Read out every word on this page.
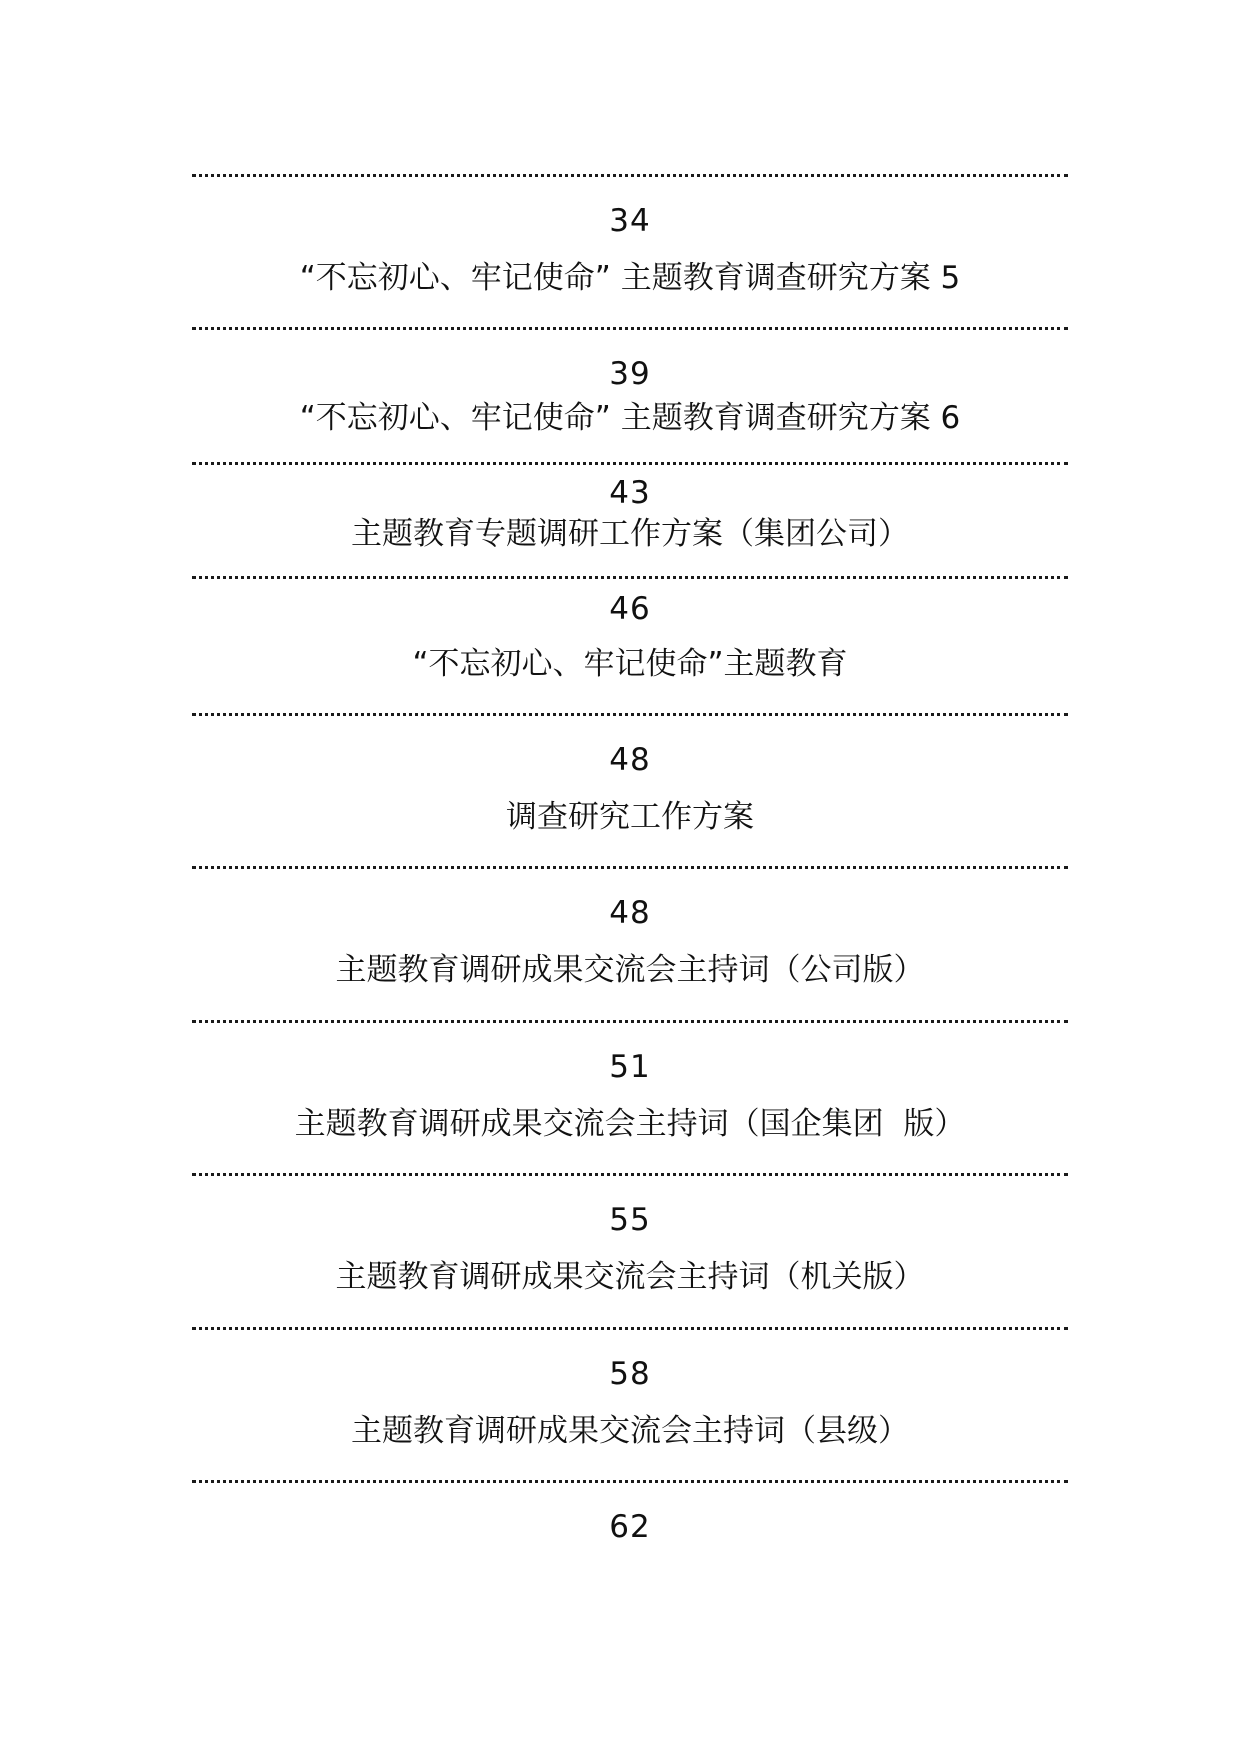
34
“不忘初心、牢记使命” 主题教育调查研究方案 5
39
“不忘初心、牢记使命” 主题教育调查研究方案 6
43
主题教育专题调研工作方案（集团公司）
46
“不忘初心、牢记使命”主题教育
48
调查研究工作方案
48
主题教育调研成果交流会主持词（公司版）
51
主题教育调研成果交流会主持词（国企集团  版）
55
主题教育调研成果交流会主持词（机关版）
58
主题教育调研成果交流会主持词（县级）
62
